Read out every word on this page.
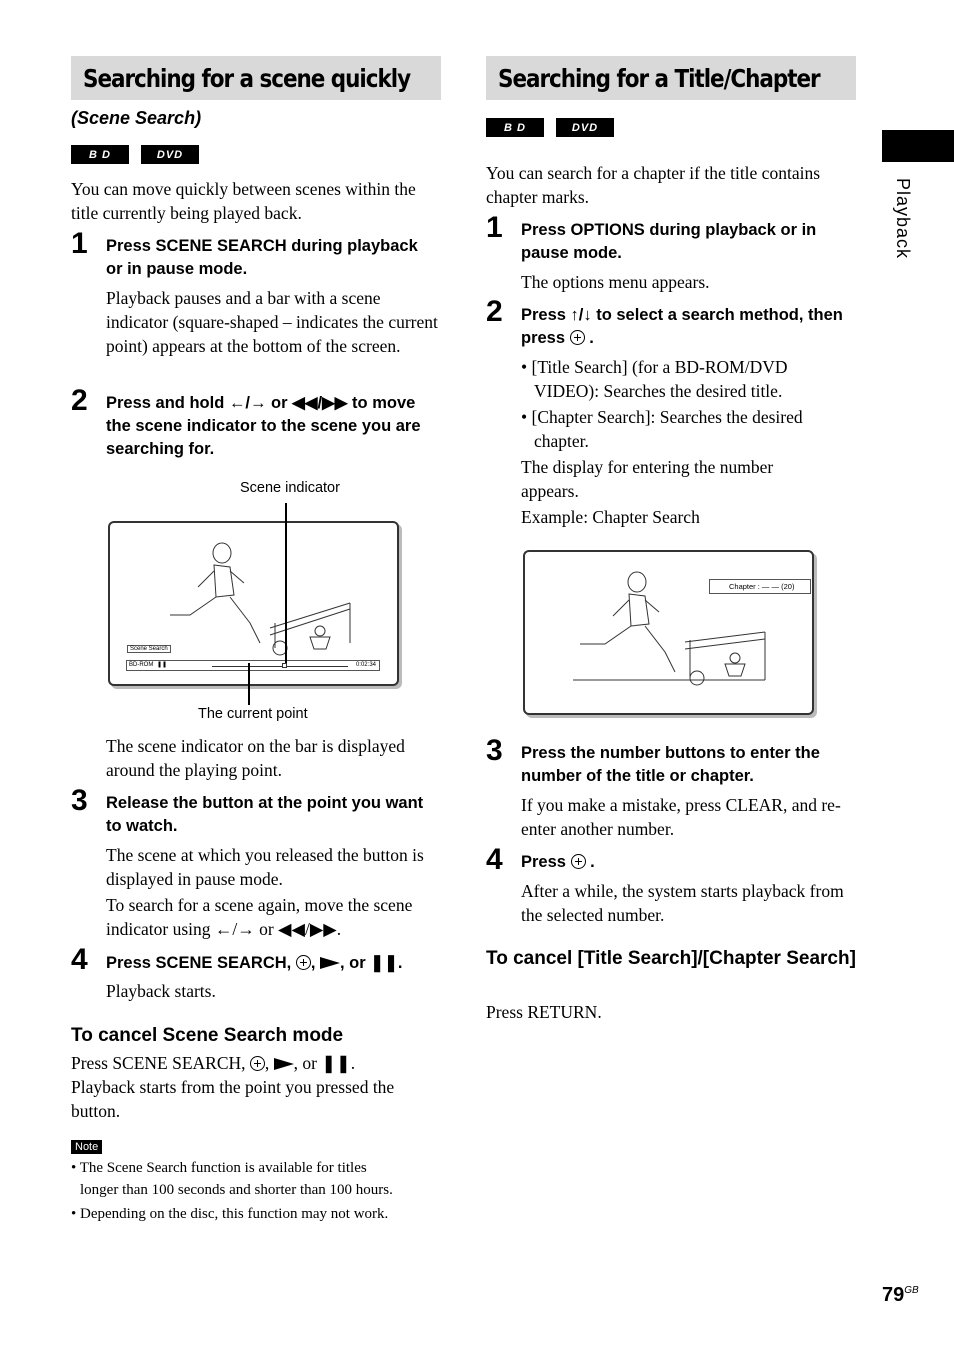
Searching for a scene quickly
(Scene Search)
B D	DVD
You can move quickly between scenes within the title currently being played back.
1 Press SCENE SEARCH during playback or in pause mode.
Playback pauses and a bar with a scene indicator (square-shaped – indicates the current point) appears at the bottom of the screen.
2 Press and hold ←/→ or ◀◀/▶▶ to move the scene indicator to the scene you are searching for.
Scene indicator
Scene Search
BD-ROM ❚❚	0:02:34
The current point
The scene indicator on the bar is displayed around the playing point.
3 Release the button at the point you want to watch.
The scene at which you released the button is displayed in pause mode.
To search for a scene again, move the scene indicator using ←/→ or ◀◀/▶▶.
4 Press SCENE SEARCH, , , or ❚❚.
Playback starts.
To cancel Scene Search mode
Press SCENE SEARCH, , , or ❚❚.
Playback starts from the point you pressed the button.
Note
• The Scene Search function is available for titles
longer than 100 seconds and shorter than 100 hours.
• Depending on the disc, this function may not work.
Searching for a Title/Chapter
B D	DVD
You can search for a chapter if the title contains chapter marks.
1 Press OPTIONS during playback or in pause mode.
The options menu appears.
2 Press ↑/↓ to select a search method, then press .
• [Title Search] (for a BD-ROM/DVD VIDEO): Searches the desired title.
• [Chapter Search]: Searches the desired chapter.
The display for entering the number appears.
Example: Chapter Search
Chapter : — — (20)
3 Press the number buttons to enter the number of the title or chapter.
If you make a mistake, press CLEAR, and re-enter another number.
4 Press .
After a while, the system starts playback from the selected number.
To cancel [Title Search]/[Chapter Search]
Press RETURN.
Playback
$79^{GB}$
